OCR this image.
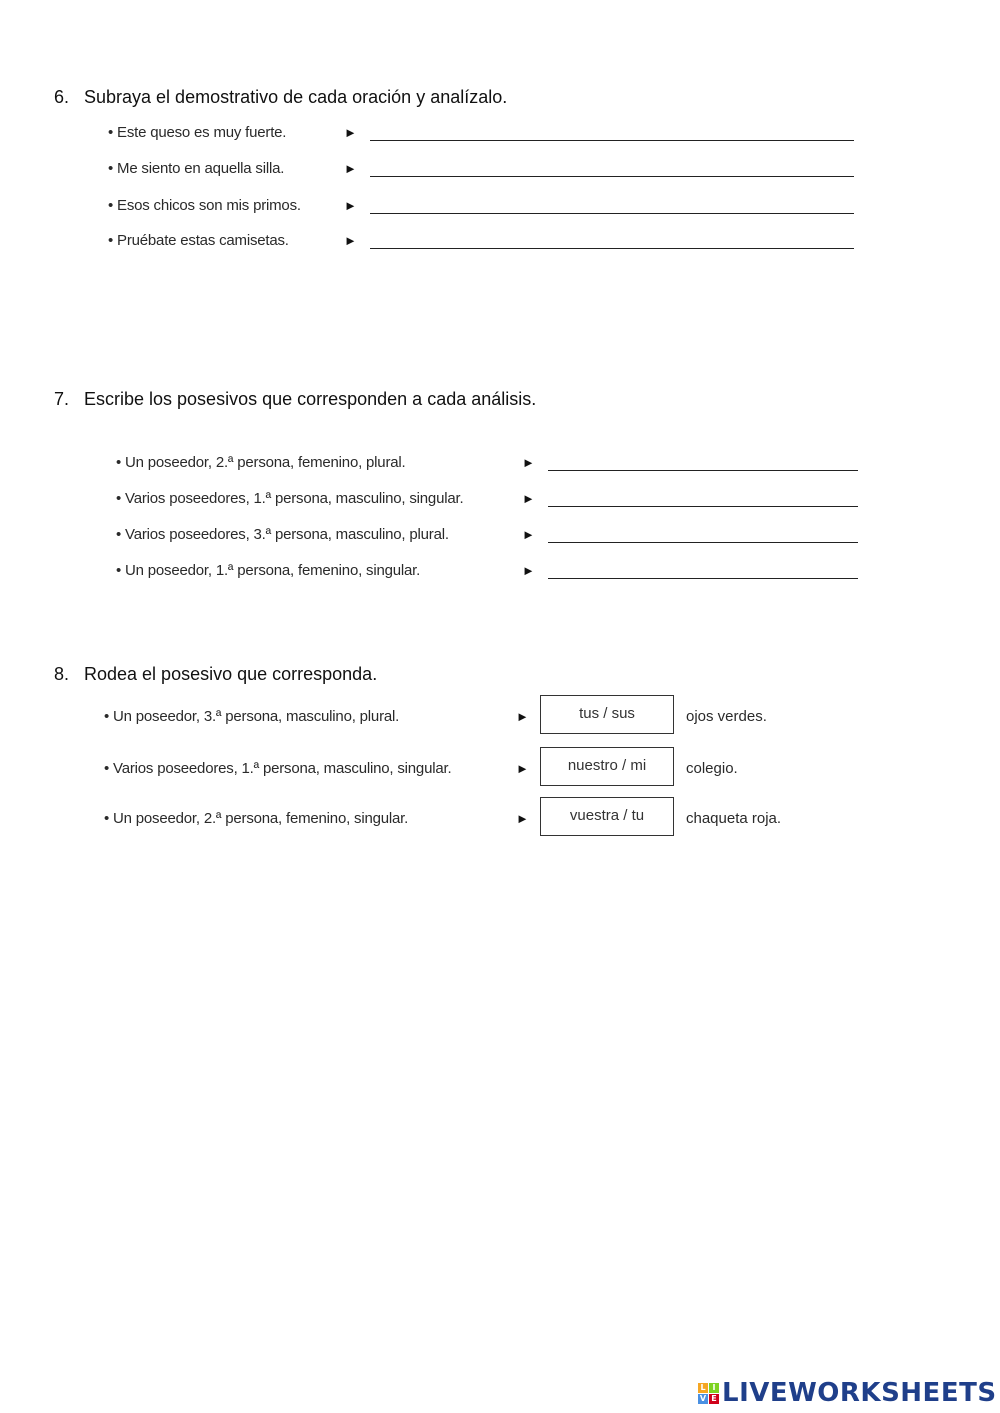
6. Subraya el demostrativo de cada oración y analízalo.
• Este queso es muy fuerte.	►
• Me siento en aquella silla.	►
• Esos chicos son mis primos.	►
• Pruébate estas camisetas.	►
7. Escribe los posesivos que corresponden a cada análisis.
• Un poseedor, 2.ª persona, femenino, plural.	►
• Varios poseedores, 1.ª persona, masculino, singular.	►
• Varios poseedores, 3.ª persona, masculino, plural.	►
• Un poseedor, 1.ª persona, femenino, singular.	►
8. Rodea el posesivo que corresponda.
• Un poseedor, 3.ª persona, masculino, plural.	►	tus / sus	ojos verdes.
• Varios poseedores, 1.ª persona, masculino, singular.	►	nuestro / mi	colegio.
• Un poseedor, 2.ª persona, femenino, singular.	►	vuestra / tu	chaqueta roja.
L I
V E LIVEWORKSHEETS
